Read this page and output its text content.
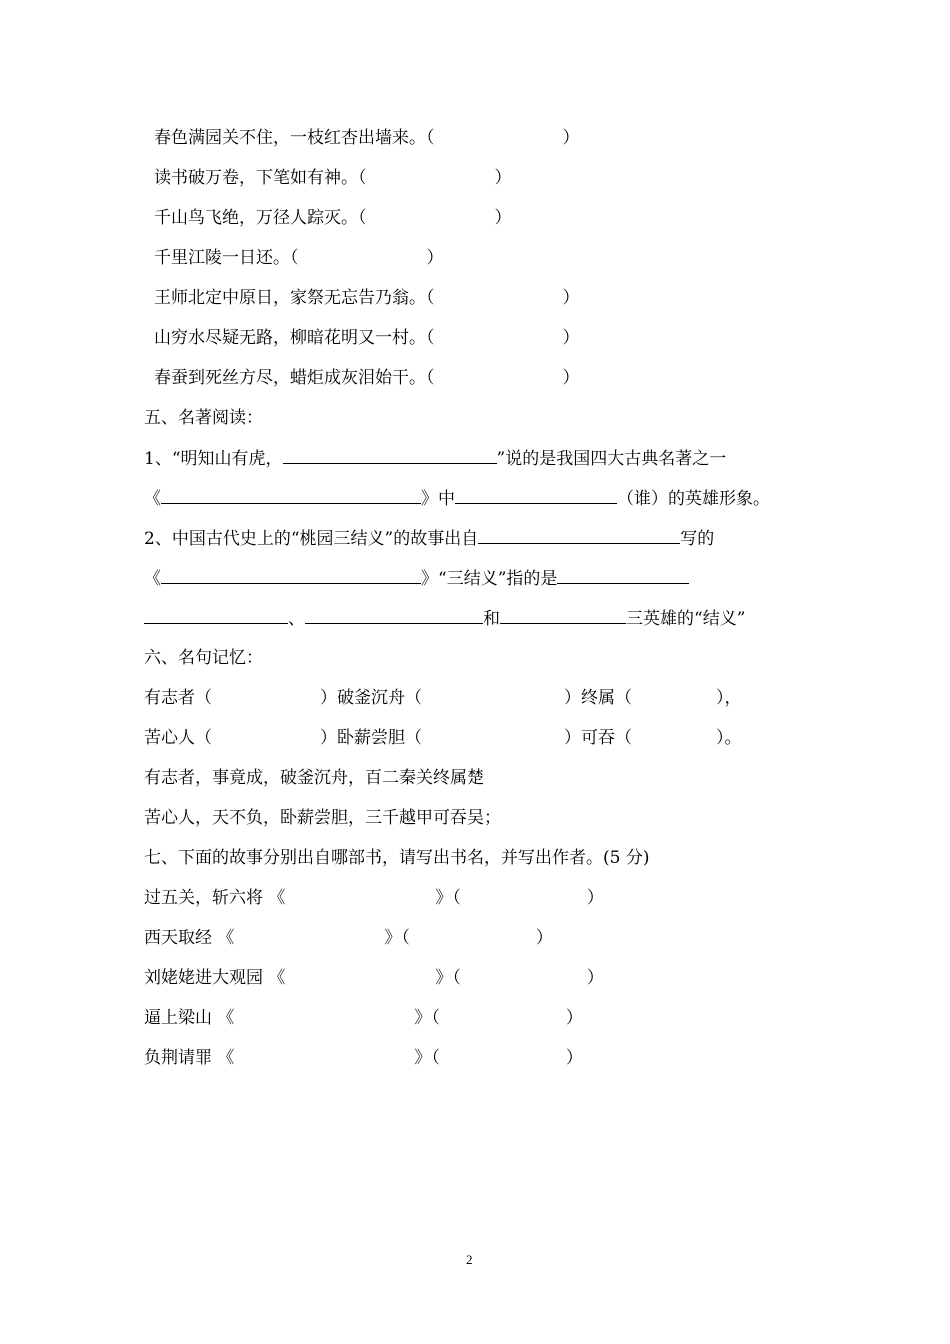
春色满园关不住，一枝红杏出墙来。（	）
读书破万卷，下笔如有神。（	）
千山鸟飞绝，万径人踪灭。（	）
千里江陵一日还。（	）
王师北定中原日，家祭无忘告乃翁。（	）
山穷水尽疑无路，柳暗花明又一村。（	）
春蚕到死丝方尽，蜡炬成灰泪始干。（	）
五、名著阅读：
1、“明知山有虎，	”说的是我国四大古典名著之一
《	》中	（谁）的英雄形象。
2、中国古代史上的“桃园三结义”的故事出自	写的
《	》“三结义”指的是
、	和	三英雄的“结义”
六、名句记忆：
有志者（	）破釜沉舟（	）终属（	），
苦心人（	）卧薪尝胆（	）可吞（	）。
有志者，事竟成，破釜沉舟，百二秦关终属楚
苦心人，天不负，卧薪尝胆，三千越甲可吞吴；
七、下面的故事分别出自哪部书，请写出书名，并写出作者。(5 分)
过五关，斩六将 《	》（	）
西天取经 《	》（	）
刘姥姥进大观园 《	》（	）
逼上梁山 《	》（	）
负荆请罪 《	》（	）
2
